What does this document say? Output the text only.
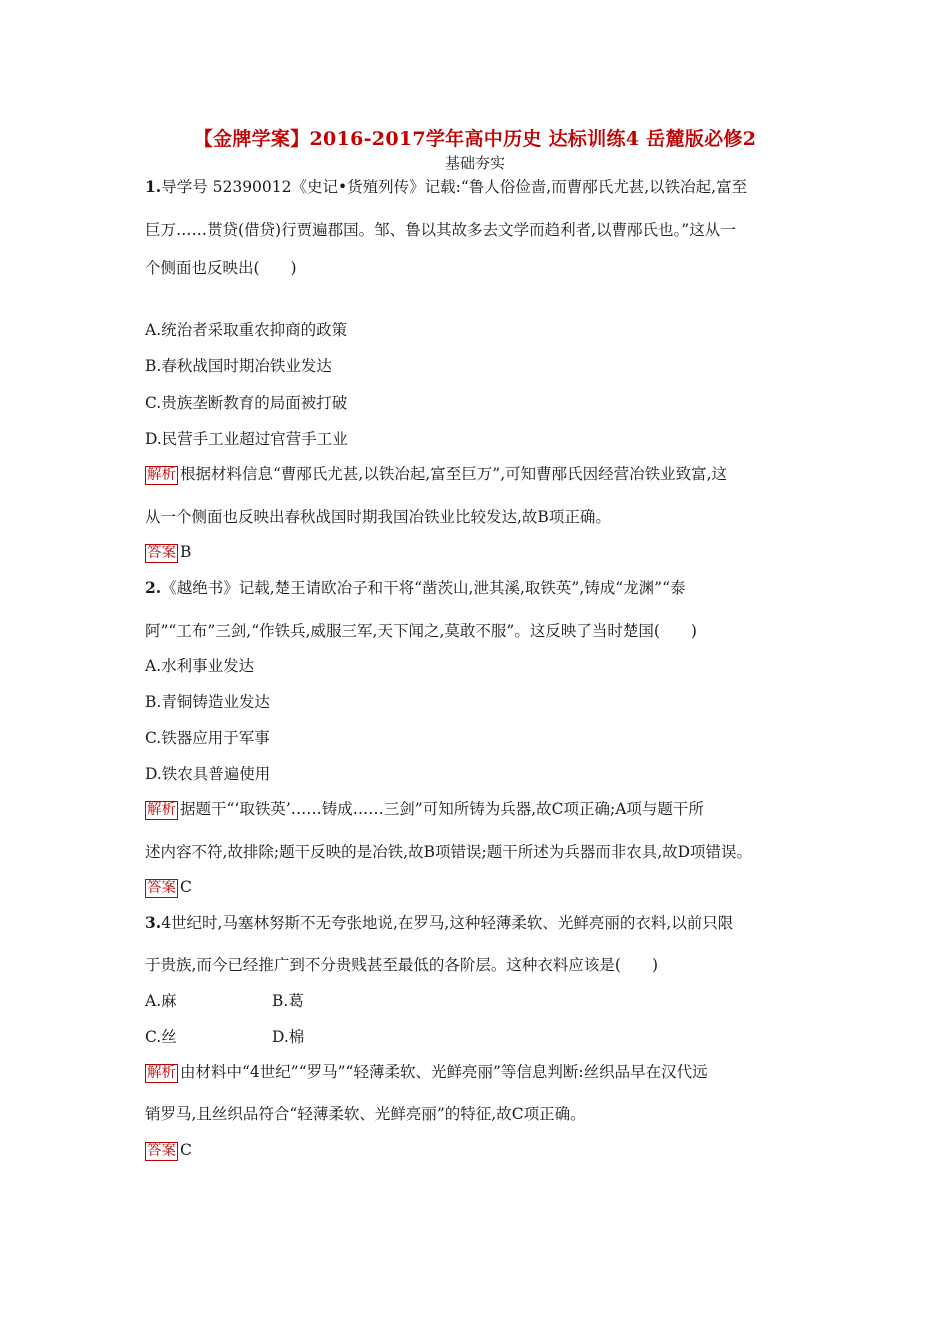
【金牌学案】2016-2017学年高中历史 达标训练4 岳麓版必修2
基础夯实
1.导学号 52390012《史记•货殖列传》记载:“鲁人俗俭啬,而曹邴氏尤甚,以铁冶起,富至
巨万……贳贷(借贷)行贾遍郡国。邹、鲁以其故多去文学而趋利者,以曹邴氏也。”这从一
个侧面也反映出(　　)
A.统治者采取重农抑商的政策
B.春秋战国时期冶铁业发达
C.贵族垄断教育的局面被打破
D.民营手工业超过官营手工业
解析 根据材料信息“曹邴氏尤甚,以铁冶起,富至巨万”,可知曹邴氏因经营冶铁业致富,这
从一个侧面也反映出春秋战国时期我国冶铁业比较发达,故B项正确。
答案 B
2.《越绝书》记载,楚王请欧冶子和干将“凿茨山,泄其溪,取铁英”,铸成“龙渊”“泰
阿”“工布”三剑,“作铁兵,威服三军,天下闻之,莫敢不服”。这反映了当时楚国(　　)
A.水利事业发达
B.青铜铸造业发达
C.铁器应用于军事
D.铁农具普遍使用
解析 据题干“‘取铁英’……铸成……三剑”可知所铸为兵器,故C项正确;A项与题干所
述内容不符,故排除;题干反映的是冶铁,故B项错误;题干所述为兵器而非农具,故D项错误。
答案 C
3.4世纪时,马塞林努斯不无夸张地说,在罗马,这种轻薄柔软、光鲜亮丽的衣料,以前只限
于贵族,而今已经推广到不分贵贱甚至最低的各阶层。这种衣料应该是(　　)
A.麻	B.葛
C.丝	D.棉
解析 由材料中“4世纪”“罗马”“轻薄柔软、光鲜亮丽”等信息判断:丝织品早在汉代远
销罗马,且丝织品符合“轻薄柔软、光鲜亮丽”的特征,故C项正确。
答案 C
